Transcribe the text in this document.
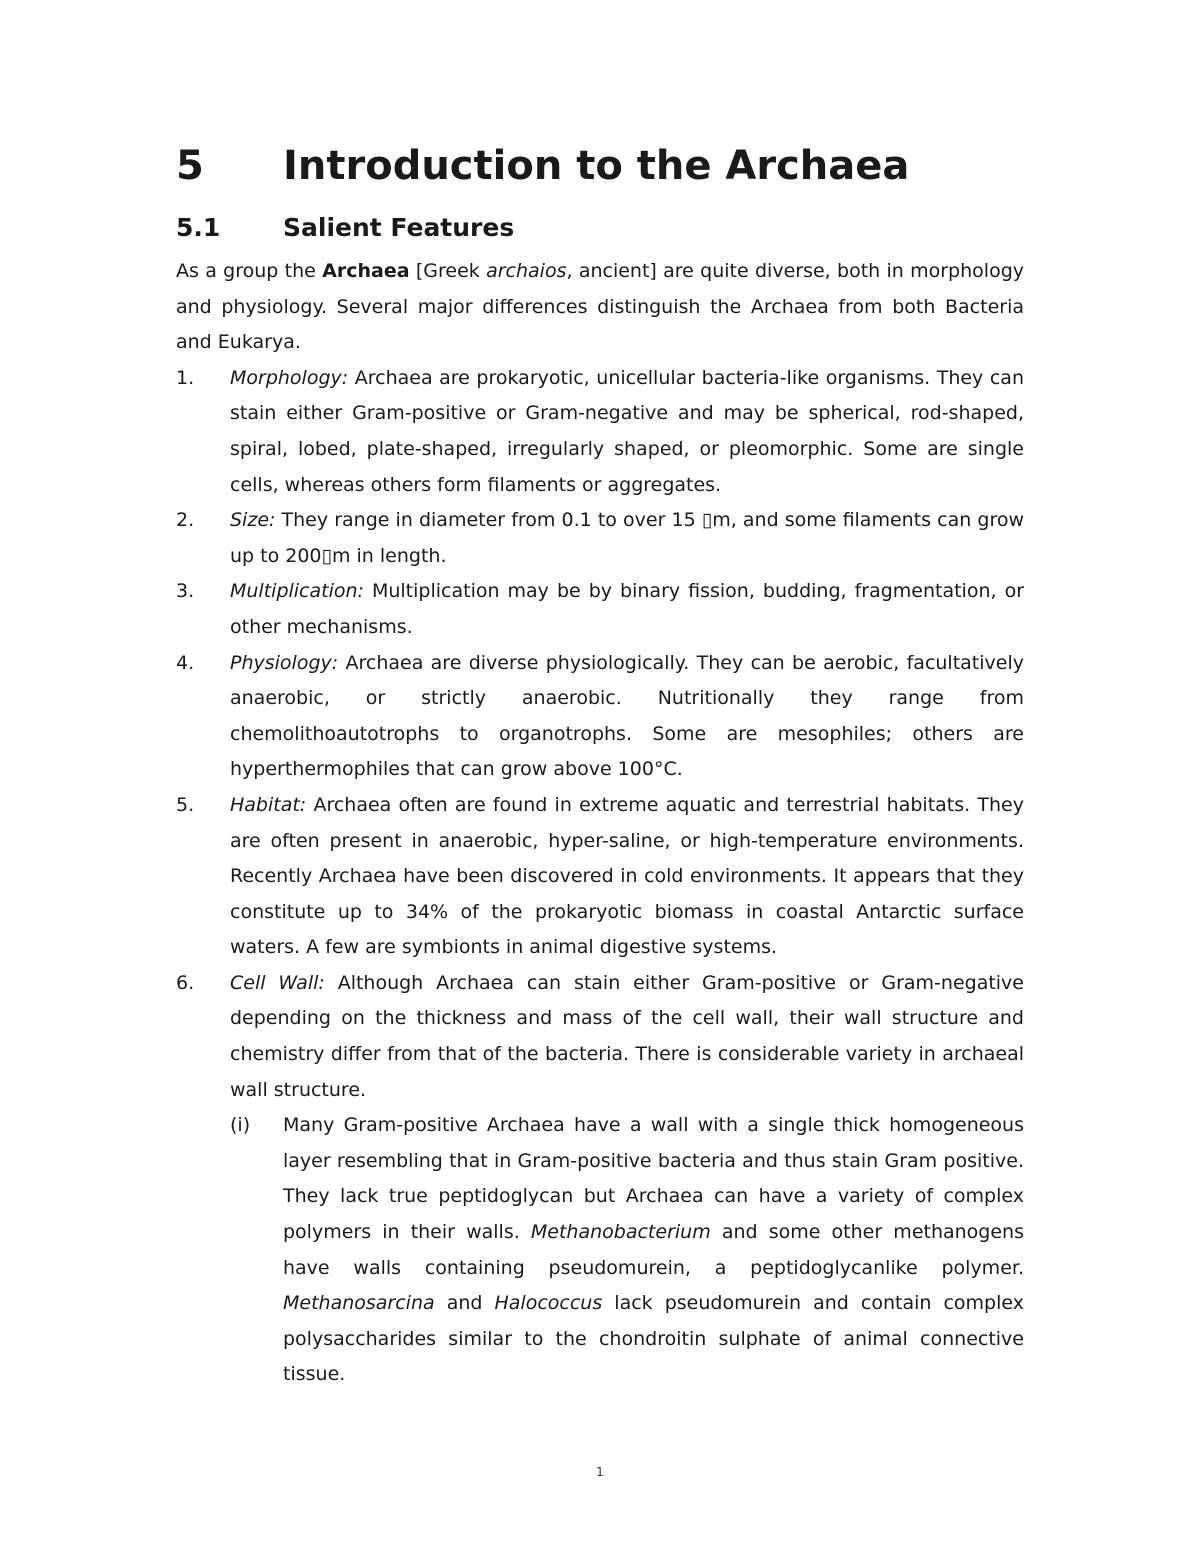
5	Introduction to the Archaea
5.1	Salient Features
As a group the Archaea [Greek archaios, ancient] are quite diverse, both in morphology and physiology. Several major differences distinguish the Archaea from both Bacteria and Eukarya.
1.	Morphology: Archaea are prokaryotic, unicellular bacteria-like organisms. They can stain either Gram-positive or Gram-negative and may be spherical, rod-shaped, spiral, lobed, plate-shaped, irregularly shaped, or pleomorphic. Some are single cells, whereas others form filaments or aggregates.
2.	Size: They range in diameter from 0.1 to over 15 ▯m, and some filaments can grow up to 200▯m in length.
3.	Multiplication: Multiplication may be by binary fission, budding, fragmentation, or other mechanisms.
4.	Physiology: Archaea are diverse physiologically. They can be aerobic, facultatively anaerobic, or strictly anaerobic. Nutritionally they range from chemolithoautotrophs to organotrophs. Some are mesophiles; others are hyperthermophiles that can grow above 100°C.
5.	Habitat: Archaea often are found in extreme aquatic and terrestrial habitats. They are often present in anaerobic, hyper-saline, or high-temperature environments. Recently Archaea have been discovered in cold environments. It appears that they constitute up to 34% of the prokaryotic biomass in coastal Antarctic surface waters. A few are symbionts in animal digestive systems.
6.	Cell Wall: Although Archaea can stain either Gram-positive or Gram-negative depending on the thickness and mass of the cell wall, their wall structure and chemistry differ from that of the bacteria. There is considerable variety in archaeal wall structure.
(i)	Many Gram-positive Archaea have a wall with a single thick homogeneous layer resembling that in Gram-positive bacteria and thus stain Gram positive. They lack true peptidoglycan but Archaea can have a variety of complex polymers in their walls. Methanobacterium and some other methanogens have walls containing pseudomurein, a peptidoglycanlike polymer. Methanosarcina and Halococcus lack pseudomurein and contain complex polysaccharides similar to the chondroitin sulphate of animal connective tissue.
1
